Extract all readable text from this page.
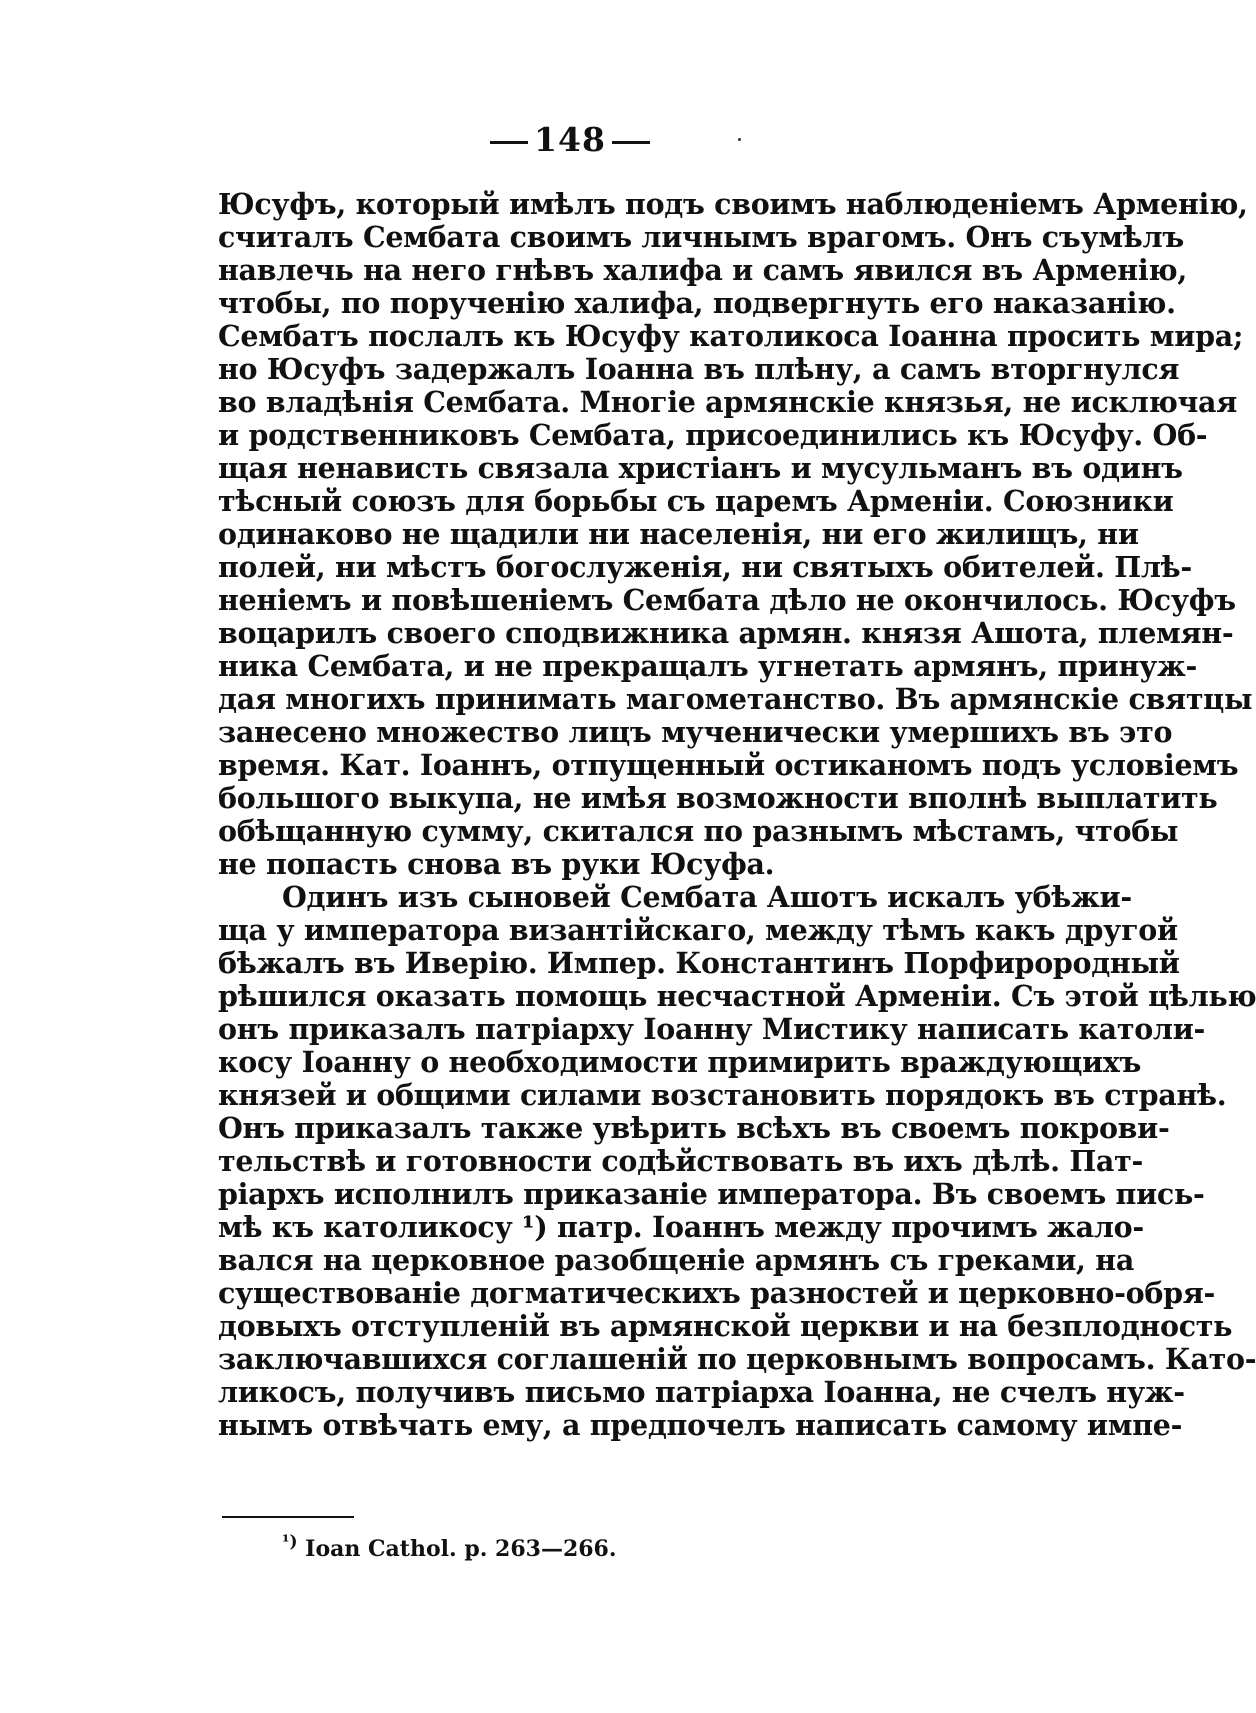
148
Юсуфъ, который имѣлъ подъ своимъ наблюденіемъ Арменію,
считалъ Сембата своимъ личнымъ врагомъ. Онъ съумѣлъ
навлечь на него гнѣвъ халифа и самъ явился въ Арменію,
чтобы, по порученію халифа, подвергнуть его наказанію.
Сембатъ послалъ къ Юсуфу католикоса Іоанна просить мира;
но Юсуфъ задержалъ Іоанна въ плѣну, а самъ вторгнулся
во владѣнія Сембата. Многіе армянскіе князья, не исключая
и родственниковъ Сембата, присоединились къ Юсуфу. Об-
щая ненависть связала христіанъ и мусульманъ въ одинъ
тѣсный союзъ для борьбы съ царемъ Арменіи. Союзники
одинаково не щадили ни населенія, ни его жилищъ, ни
полей, ни мѣстъ богослуженія, ни святыхъ обителей. Плѣ-
неніемъ и повѣшеніемъ Сембата дѣло не окончилось. Юсуфъ
воцарилъ своего сподвижника армян. князя Ашота, племян-
ника Сембата, и не прекращалъ угнетать армянъ, принуж-
дая многихъ принимать магометанство. Въ армянскіе святцы
занесено множество лицъ мученически умершихъ въ это
время. Кат. Іоаннъ, отпущенный остиканомъ подъ условіемъ
большого выкупа, не имѣя возможности вполнѣ выплатить
обѣщанную сумму, скитался по разнымъ мѣстамъ, чтобы
не попасть снова въ руки Юсуфа.
Одинъ изъ сыновей Сембата Ашотъ искалъ убѣжи-
ща у императора византійскаго, между тѣмъ какъ другой
бѣжалъ въ Иверію. Импер. Константинъ Порфирородный
рѣшился оказать помощь несчастной Арменіи. Съ этой цѣлью
онъ приказалъ патріарху Іоанну Мистику написать католи-
косу Іоанну о необходимости примирить враждующихъ
князей и общими силами возстановить порядокъ въ странѣ.
Онъ приказалъ также увѣрить всѣхъ въ своемъ покрови-
тельствѣ и готовности содѣйствовать въ ихъ дѣлѣ. Пат-
ріархъ исполнилъ приказаніе императора. Въ своемъ пись-
мѣ къ католикосу ¹) патр. Іоаннъ между прочимъ жало-
вался на церковное разобщеніе армянъ съ греками, на
существованіе догматическихъ разностей и церковно-обря-
довыхъ отступленій въ армянской церкви и на безплодность
заключавшихся соглашеній по церковнымъ вопросамъ. Като-
ликосъ, получивъ письмо патріарха Іоанна, не счелъ нуж-
нымъ отвѣчать ему, а предпочелъ написать самому импе-
$^{^1)}$ Ioan Cathol. p. 263—266.
